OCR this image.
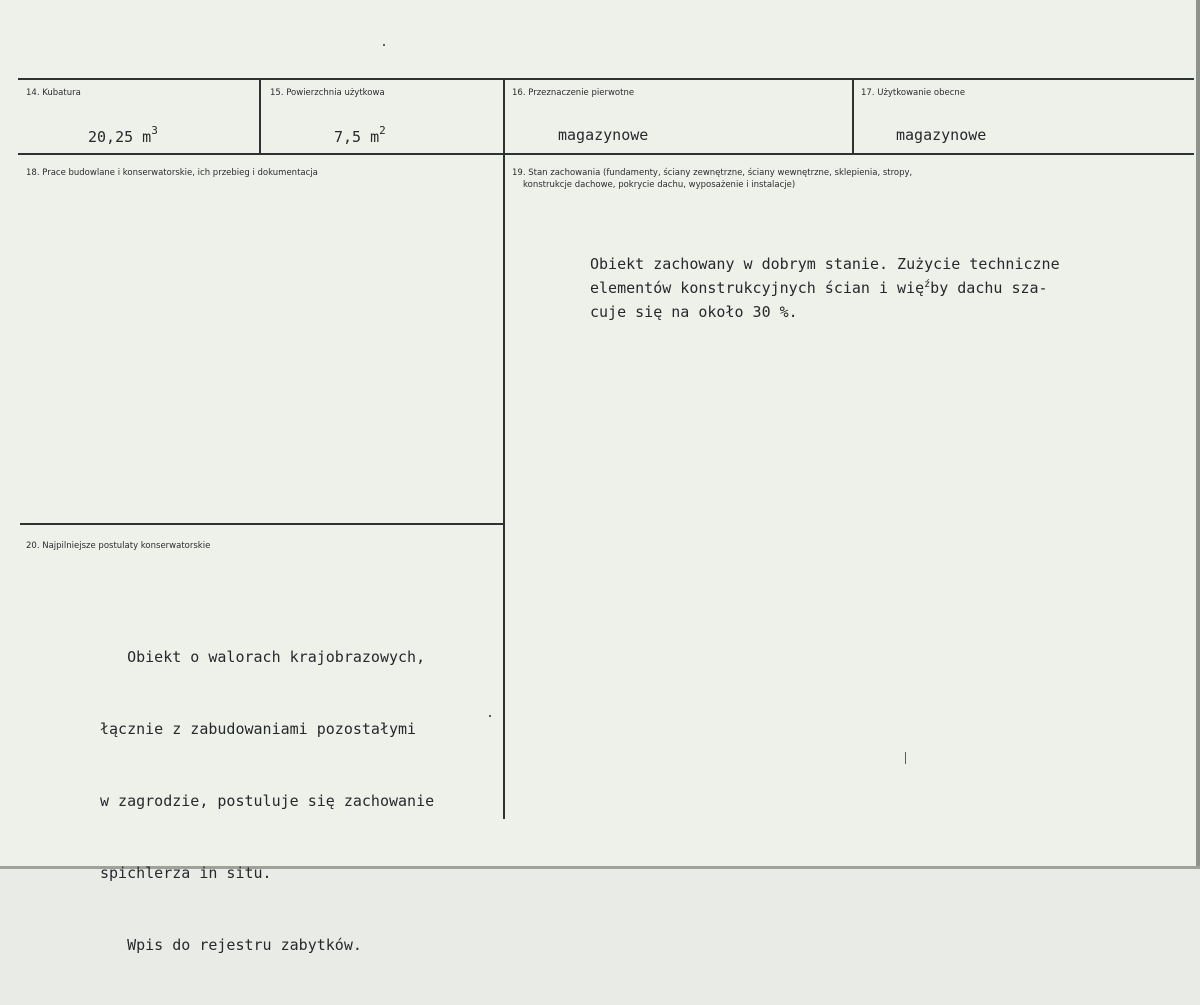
14. Kubatura
20,25 $m^3$
15. Powierzchnia użytkowa
7,5 $m^2$
16. Przeznaczenie pierwotne
magazynowe
17. Użytkowanie obecne
magazynowe
18. Prace budowlane i konserwatorskie, ich przebieg i dokumentacja	19. Stan zachowania (fundamenty, ściany zewnętrzne, ściany wewnętrzne, sklepienia, stropy,
konstrukcje dachowe, pokrycie dachu, wyposażenie i instalacje)
Obiekt zachowany w dobrym stanie. Zużycie techniczne
elementów konstrukcyjnych ścian i wię$^ź$by dachu sza-
cuje się na około 30 %.
20. Najpilniejsze postulaty konserwatorskie

Obiekt o walorach krajobrazowych,

łącznie z zabudowaniami pozostałymi

w zagrodzie, postuluje się zachowanie

spichlerza in situ.

Wpis do rejestru zabytków.
